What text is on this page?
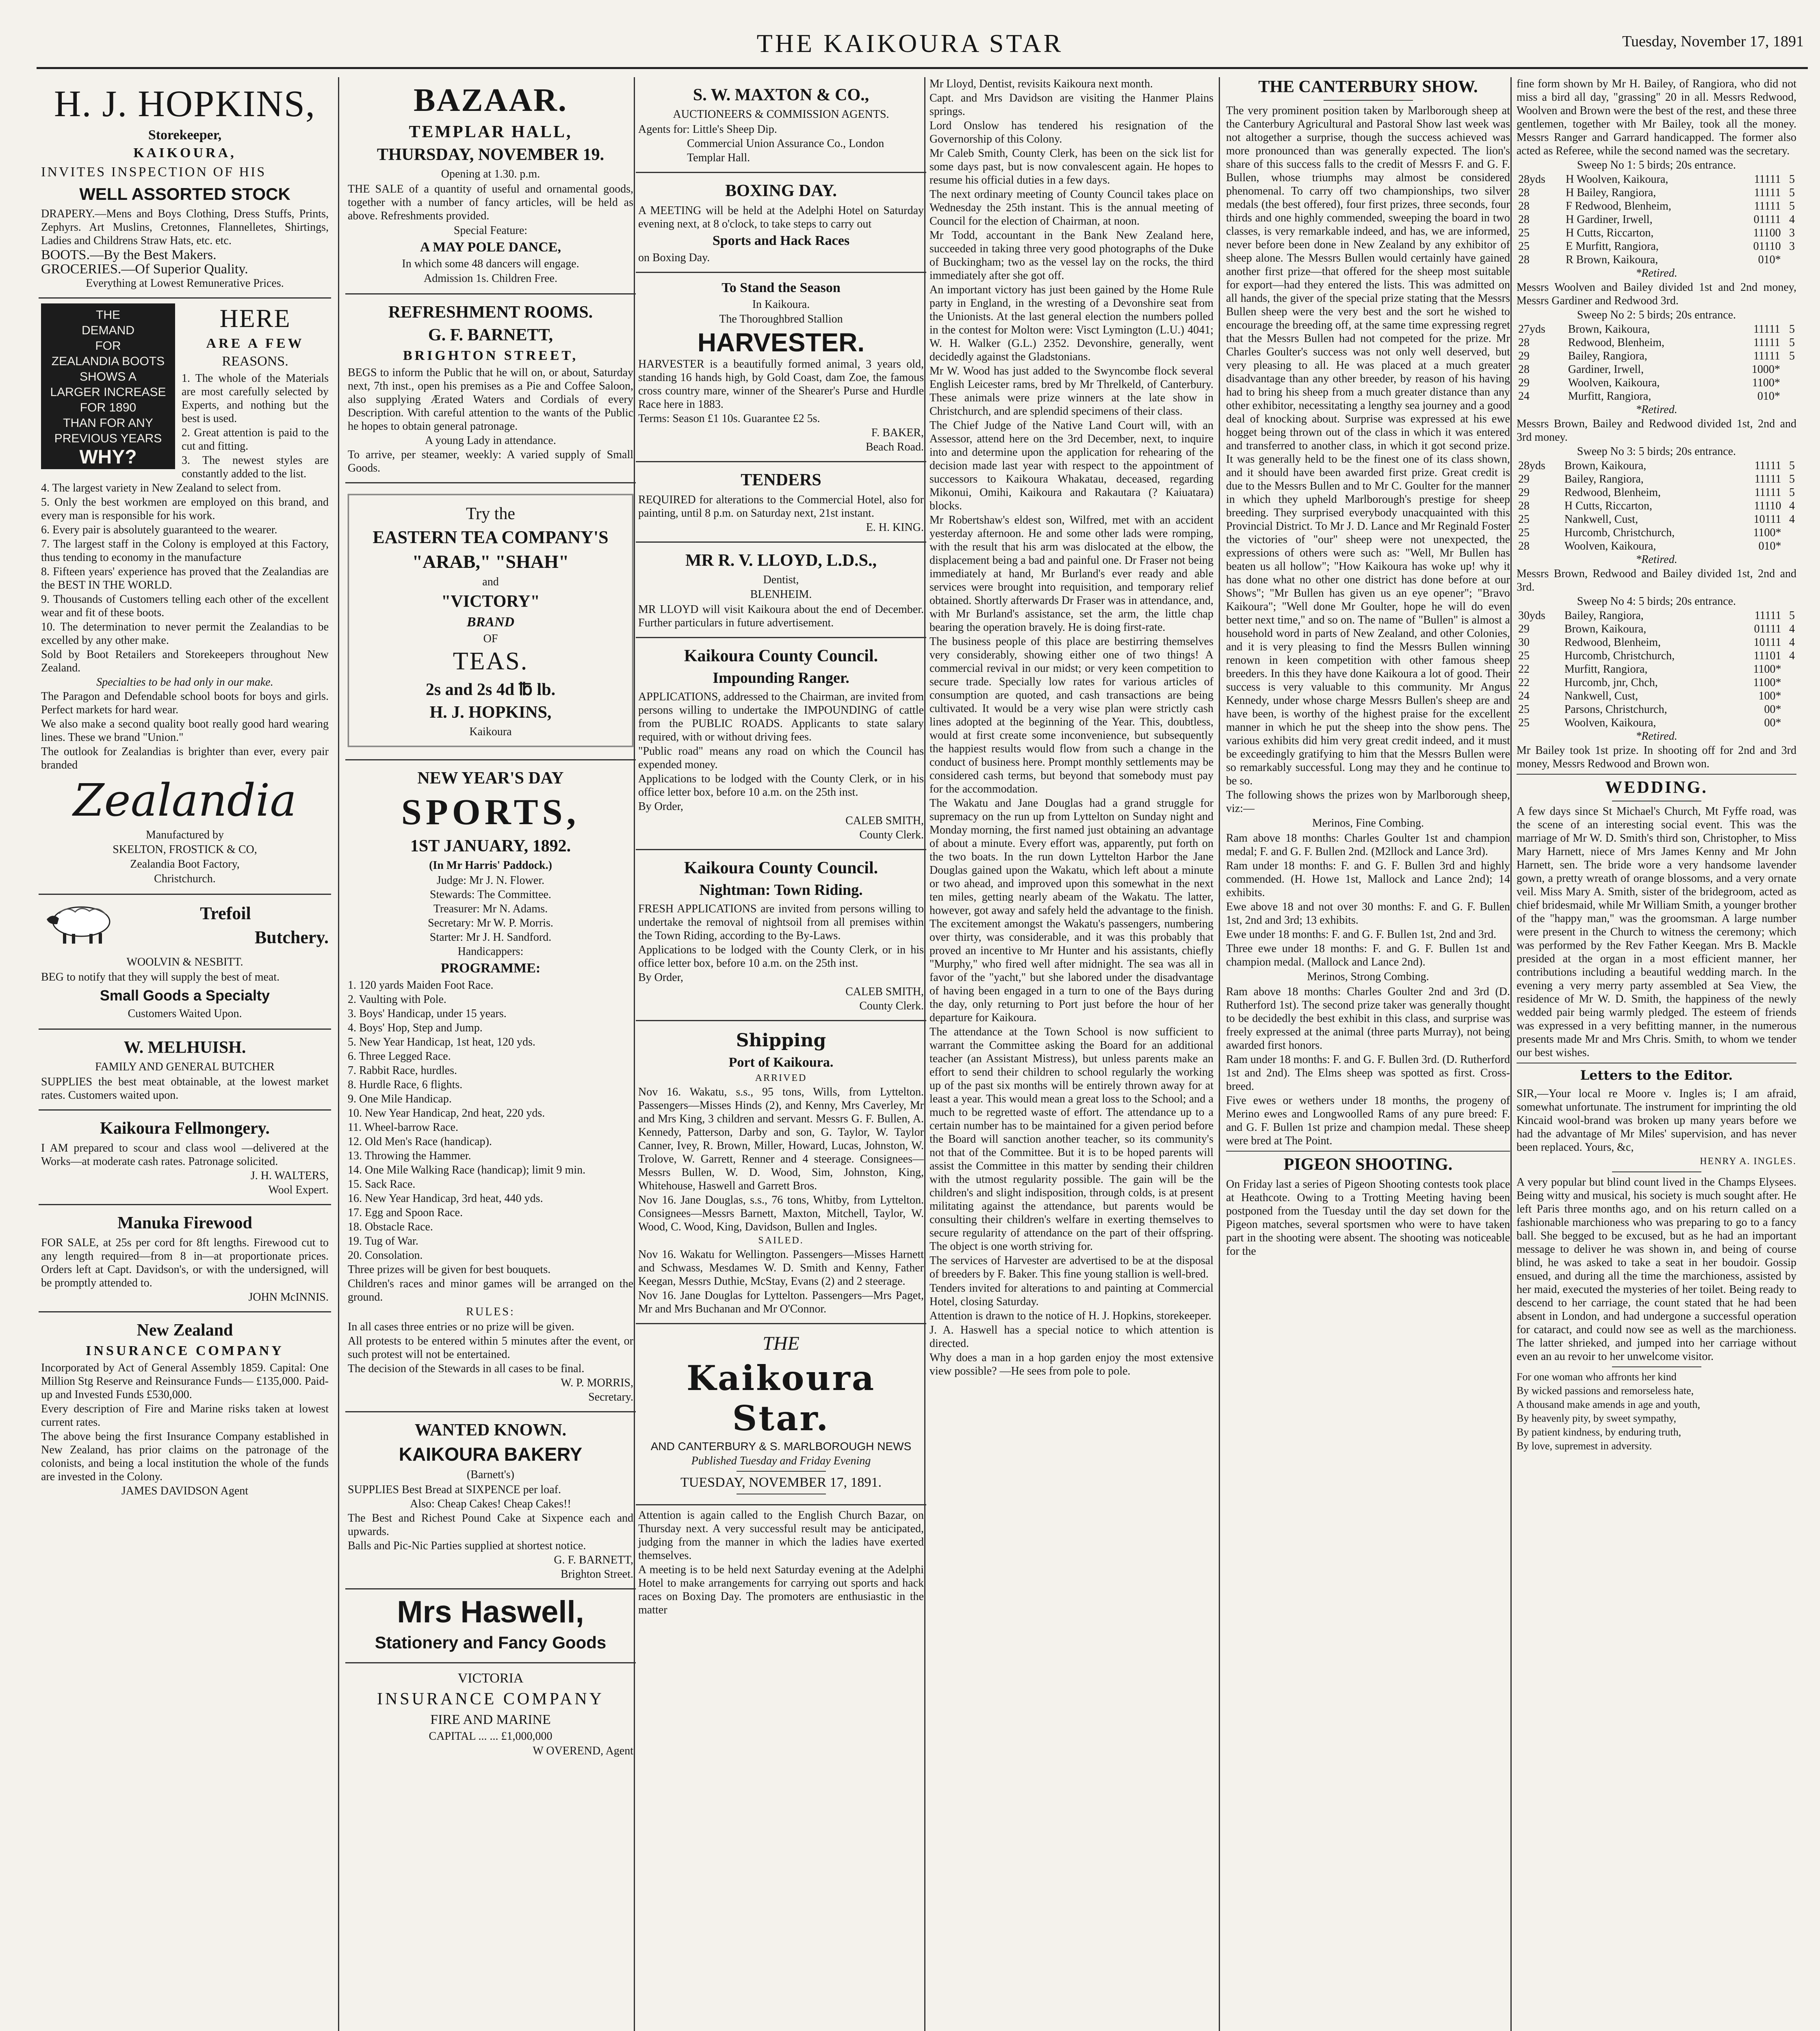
THE KAIKOURA STAR	Tuesday, November 17, 1891
H. J. HOPKINS,
Storekeeper,
KAIKOURA,

INVITES INSPECTION OF HIS

WELL ASSORTED STOCK

DRAPERY.—Mens and Boys Clothing, Dress Stuffs, Prints, Zephyrs. Art Muslins, Cretonnes, Flannelletes, Shirtings, Ladies and Childrens Straw Hats, etc. etc.

BOOTS.—By the Best Makers.

GROCERIES.—Of Superior Quality.

Everything at Lowest Remunerative Prices.

THE
DEMAND
FOR
ZEALANDIA BOOTS
SHOWS A
LARGER INCREASE
FOR 1890
THAN FOR ANY
PREVIOUS YEARS
WHY?
HERE
ARE A FEW
REASONS.

1. The whole of the Materials are most carefully selected by Experts, and nothing but the best is used.

2. Great attention is paid to the cut and fitting.

3. The newest styles are constantly added to the list.

4. The largest variety in New Zealand to select from.

5. Only the best workmen are employed on this brand, and every man is responsible for his work.

6. Every pair is absolutely guaranteed to the wearer.

7. The largest staff in the Colony is employed at this Factory, thus tending to economy in the manufacture

8. Fifteen years' experience has proved that the Zealandias are the BEST IN THE WORLD.

9. Thousands of Customers telling each other of the excellent wear and fit of these boots.

10. The determination to never permit the Zealandias to be excelled by any other make.

Sold by Boot Retailers and Storekeepers throughout New Zealand.

Specialties to be had only in our make.

The Paragon and Defendable school boots for boys and girls. Perfect markets for hard wear.

We also make a second quality boot really good hard wearing lines. These we brand "Union."

The outlook for Zealandias is brighter than ever, every pair branded

Zealandia
Manufactured by
SKELTON, FROSTICK & CO,
Zealandia Boot Factory,
Christchurch.
Trefoil
Butchery.
WOOLVIN & NESBITT.

BEG to notify that they will supply the best of meat.

Small Goods a Specialty
Customers Waited Upon.
W. MELHUISH.
FAMILY AND GENERAL BUTCHER

SUPPLIES the best meat obtainable, at the lowest market rates. Customers waited upon.

Kaikoura Fellmongery.

I AM prepared to scour and class wool —delivered at the Works—at moderate cash rates. Patronage solicited.

J. H. WALTERS,

Wool Expert.

Manuka Firewood

FOR SALE, at 25s per cord for 8ft lengths. Firewood cut to any length required—from 8 in—at proportionate prices. Orders left at Capt. Davidson's, or with the undersigned, will be promptly attended to.

JOHN McINNIS.

New Zealand
INSURANCE COMPANY

Incorporated by Act of General Assembly 1859. Capital: One Million Stg Reserve and Reinsurance Funds— £135,000. Paid-up and Invested Funds £530,000.

Every description of Fire and Marine risks taken at lowest current rates.

The above being the first Insurance Company established in New Zealand, has prior claims on the patronage of the colonists, and being a local institution the whole of the funds are invested in the Colony.

JAMES DAVIDSON Agent

BAZAAR.
TEMPLAR HALL,
THURSDAY, NOVEMBER 19.
Opening at 1.30. p.m.

THE SALE of a quantity of useful and ornamental goods, together with a number of fancy articles, will be held as above. Refreshments provided.

Special Feature:
A MAY POLE DANCE,
In which some 48 dancers will engage.
Admission 1s. Children Free.
REFRESHMENT ROOMS.
G. F. BARNETT,
BRIGHTON STREET,

BEGS to inform the Public that he will on, or about, Saturday next, 7th inst., open his premises as a Pie and Coffee Saloon, also supplying Ærated Waters and Cordials of every Description. With careful attention to the wants of the Public he hopes to obtain general patronage.

A young Lady in attendance.

To arrive, per steamer, weekly: A varied supply of Small Goods.

Try the
EASTERN TEA COMPANY'S
"ARAB," "SHAH"
and
"VICTORY"
BRAND
OF
TEAS.
2s and 2s 4d ℔ lb.
H. J. HOPKINS,
Kaikoura
NEW YEAR'S DAY
SPORTS,
1ST JANUARY, 1892.
(In Mr Harris' Paddock.)

Judge: Mr J. N. Flower.

Stewards: The Committee.

Treasurer: Mr N. Adams.

Secretary: Mr W. P. Morris.

Starter: Mr J. H. Sandford.

Handicappers:

PROGRAMME:

1. 120 yards Maiden Foot Race.

2. Vaulting with Pole.

3. Boys' Handicap, under 15 years.

4. Boys' Hop, Step and Jump.

5. New Year Handicap, 1st heat, 120 yds.

6. Three Legged Race.

7. Rabbit Race, hurdles.

8. Hurdle Race, 6 flights.

9. One Mile Handicap.

10. New Year Handicap, 2nd heat, 220 yds.

11. Wheel-barrow Race.

12. Old Men's Race (handicap).

13. Throwing the Hammer.

14. One Mile Walking Race (handicap); limit 9 min.

15. Sack Race.

16. New Year Handicap, 3rd heat, 440 yds.

17. Egg and Spoon Race.

18. Obstacle Race.

19. Tug of War.

20. Consolation.

Three prizes will be given for best bouquets.

Children's races and minor games will be arranged on the ground.

RULES:

In all cases three entries or no prize will be given.

All protests to be entered within 5 minutes after the event, or such protest will not be entertained.

The decision of the Stewards in all cases to be final.

W. P. MORRIS,

Secretary.

WANTED KNOWN.
KAIKOURA BAKERY
(Barnett's)

SUPPLIES Best Bread at SIXPENCE per loaf.

Also: Cheap Cakes! Cheap Cakes!!

The Best and Richest Pound Cake at Sixpence each and upwards.

Balls and Pic-Nic Parties supplied at shortest notice.

G. F. BARNETT,

Brighton Street.

Mrs Haswell,
Stationery and Fancy Goods
VICTORIA
INSURANCE COMPANY
FIRE AND MARINE
CAPITAL ... ... £1,000,000
W OVEREND, Agent
S. W. MAXTON & CO.,
AUCTIONEERS & COMMISSION AGENTS.

Agents for: Little's Sheep Dip.

Commercial Union Assurance Co., London

Templar Hall.

BOXING DAY.

A MEETING will be held at the Adelphi Hotel on Saturday evening next, at 8 o'clock, to take steps to carry out

Sports and Hack Races

on Boxing Day.

To Stand the Season
In Kaikoura.
The Thoroughbred Stallion
HARVESTER.

HARVESTER is a beautifully formed animal, 3 years old, standing 16 hands high, by Gold Coast, dam Zoe, the famous cross country mare, winner of the Shearer's Purse and Hurdle Race here in 1883.

Terms: Season £1 10s. Guarantee £2 5s.

F. BAKER,

Beach Road.

TENDERS

REQUIRED for alterations to the Commercial Hotel, also for painting, until 8 p.m. on Saturday next, 21st instant.

E. H. KING.

MR R. V. LLOYD, L.D.S.,
Dentist,
BLENHEIM.

MR LLOYD will visit Kaikoura about the end of December. Further particulars in future advertisement.

Kaikoura County Council.
Impounding Ranger.

APPLICATIONS, addressed to the Chairman, are invited from persons willing to undertake the IMPOUNDING of cattle from the PUBLIC ROADS. Applicants to state salary required, with or without driving fees.

"Public road" means any road on which the Council has expended money.

Applications to be lodged with the County Clerk, or in his office letter box, before 10 a.m. on the 25th inst.

By Order,

CALEB SMITH,

County Clerk.

Kaikoura County Council.
Nightman: Town Riding.

FRESH APPLICATIONS are invited from persons willing to undertake the removal of nightsoil from all premises within the Town Riding, according to the By-Laws.

Applications to be lodged with the County Clerk, or in his office letter box, before 10 a.m. on the 25th inst.

By Order,

CALEB SMITH,

County Clerk.

Shipping
Port of Kaikoura.
ARRIVED

Nov 16. Wakatu, s.s., 95 tons, Wills, from Lyttelton. Passengers—Misses Hinds (2), and Kenny, Mrs Caverley, Mr and Mrs King, 3 children and servant. Messrs G. F. Bullen, A. Kennedy, Patterson, Darby and son, G. Taylor, W. Taylor Canner, Ivey, R. Brown, Miller, Howard, Lucas, Johnston, W. Trolove, W. Garrett, Renner and 4 steerage. Consignees—Messrs Bullen, W. D. Wood, Sim, Johnston, King, Whitehouse, Haswell and Garrett Bros.

Nov 16. Jane Douglas, s.s., 76 tons, Whitby, from Lyttelton. Consignees—Messrs Barnett, Maxton, Mitchell, Taylor, W. Wood, C. Wood, King, Davidson, Bullen and Ingles.

SAILED.

Nov 16. Wakatu for Wellington. Passengers—Misses Harnett and Schwass, Mesdames W. D. Smith and Kenny, Father Keegan, Messrs Duthie, McStay, Evans (2) and 2 steerage.

Nov 16. Jane Douglas for Lyttelton. Passengers—Mrs Paget, Mr and Mrs Buchanan and Mr O'Connor.

THE
Kaikoura Star.
AND CANTERBURY & S. MARLBOROUGH NEWS
Published Tuesday and Friday Evening
TUESDAY, NOVEMBER 17, 1891.

Attention is again called to the English Church Bazar, on Thursday next. A very successful result may be anticipated, judging from the manner in which the ladies have exerted themselves.

A meeting is to be held next Saturday evening at the Adelphi Hotel to make arrangements for carrying out sports and hack races on Boxing Day. The promoters are enthusiastic in the matter

Mr Lloyd, Dentist, revisits Kaikoura next month.

Capt. and Mrs Davidson are visiting the Hanmer Plains springs.

Lord Onslow has tendered his resignation of the Governorship of this Colony.

Mr Caleb Smith, County Clerk, has been on the sick list for some days past, but is now convalescent again. He hopes to resume his official duties in a few days.

The next ordinary meeting of County Council takes place on Wednesday the 25th instant. This is the annual meeting of Council for the election of Chairman, at noon.

Mr Todd, accountant in the Bank New Zealand here, succeeded in taking three very good photographs of the Duke of Buckingham; two as the vessel lay on the rocks, the third immediately after she got off.

An important victory has just been gained by the Home Rule party in England, in the wresting of a Devonshire seat from the Unionists. At the last general election the numbers polled in the contest for Molton were: Visct Lymington (L.U.) 4041; W. H. Walker (G.L.) 2352. Devonshire, generally, went decidedly against the Gladstonians.

Mr W. Wood has just added to the Swyncombe flock several English Leicester rams, bred by Mr Threlkeld, of Canterbury. These animals were prize winners at the late show in Christchurch, and are splendid specimens of their class.

The Chief Judge of the Native Land Court will, with an Assessor, attend here on the 3rd December, next, to inquire into and determine upon the application for rehearing of the decision made last year with respect to the appointment of successors to Kaikoura Whakatau, deceased, regarding Mikonui, Omihi, Kaikoura and Rakautara (? Kaiuatara) blocks.

Mr Robertshaw's eldest son, Wilfred, met with an accident yesterday afternoon. He and some other lads were romping, with the result that his arm was dislocated at the elbow, the displacement being a bad and painful one. Dr Fraser not being immediately at hand, Mr Burland's ever ready and able services were brought into requisition, and temporary relief obtained. Shortly afterwards Dr Fraser was in attendance, and, with Mr Burland's assistance, set the arm, the little chap bearing the operation bravely. He is doing first-rate.

The business people of this place are bestirring themselves very considerably, showing either one of two things! A commercial revival in our midst; or very keen competition to secure trade. Specially low rates for various articles of consumption are quoted, and cash transactions are being cultivated. It would be a very wise plan were strictly cash lines adopted at the beginning of the Year. This, doubtless, would at first create some inconvenience, but subsequently the happiest results would flow from such a change in the conduct of business here. Prompt monthly settlements may be considered cash terms, but beyond that somebody must pay for the accommodation.

The Wakatu and Jane Douglas had a grand struggle for supremacy on the run up from Lyttelton on Sunday night and Monday morning, the first named just obtaining an advantage of about a minute. Every effort was, apparently, put forth on the two boats. In the run down Lyttelton Harbor the Jane Douglas gained upon the Wakatu, which left about a minute or two ahead, and improved upon this somewhat in the next ten miles, getting nearly abeam of the Wakatu. The latter, however, got away and safely held the advantage to the finish. The excitement amongst the Wakatu's passengers, numbering over thirty, was considerable, and it was this probably that proved an incentive to Mr Hunter and his assistants, chiefly "Murphy," who fired well after midnight. The sea was all in favor of the "yacht," but she labored under the disadvantage of having been engaged in a turn to one of the Bays during the day, only returning to Port just before the hour of her departure for Kaikoura.

The attendance at the Town School is now sufficient to warrant the Committee asking the Board for an additional teacher (an Assistant Mistress), but unless parents make an effort to send their children to school regularly the working up of the past six months will be entirely thrown away for at least a year. This would mean a great loss to the School; and a much to be regretted waste of effort. The attendance up to a certain number has to be maintained for a given period before the Board will sanction another teacher, so its community's not that of the Committee. But it is to be hoped parents will assist the Committee in this matter by sending their children with the utmost regularity possible. The gain will be the children's and slight indisposition, through colds, is at present militating against the attendance, but parents would be consulting their children's welfare in exerting themselves to secure regularity of attendance on the part of their offspring. The object is one worth striving for.

The services of Harvester are advertised to be at the disposal of breeders by F. Baker. This fine young stallion is well-bred.

Tenders invited for alterations to and painting at Commercial Hotel, closing Saturday.

Attention is drawn to the notice of H. J. Hopkins, storekeeper.

J. A. Haswell has a special notice to which attention is directed.

Why does a man in a hop garden enjoy the most extensive view possible? —He sees from pole to pole.

THE CANTERBURY SHOW.

The very prominent position taken by Marlborough sheep at the Canterbury Agricultural and Pastoral Show last week was not altogether a surprise, though the success achieved was more pronounced than was generally expected. The lion's share of this success falls to the credit of Messrs F. and G. F. Bullen, whose triumphs may almost be considered phenomenal. To carry off two championships, two silver medals (the best offered), four first prizes, three seconds, four thirds and one highly commended, sweeping the board in two classes, is very remarkable indeed, and has, we are informed, never before been done in New Zealand by any exhibitor of sheep alone. The Messrs Bullen would certainly have gained another first prize—that offered for the sheep most suitable for export—had they entered the lists. This was admitted on all hands, the giver of the special prize stating that the Messrs Bullen sheep were the very best and the sort he wished to encourage the breeding off, at the same time expressing regret that the Messrs Bullen had not competed for the prize. Mr Charles Goulter's success was not only well deserved, but very pleasing to all. He was placed at a much greater disadvantage than any other breeder, by reason of his having had to bring his sheep from a much greater distance than any other exhibitor, necessitating a lengthy sea journey and a good deal of knocking about. Surprise was expressed at his ewe hogget being thrown out of the class in which it was entered and transferred to another class, in which it got second prize. It was generally held to be the finest one of its class shown, and it should have been awarded first prize. Great credit is due to the Messrs Bullen and to Mr C. Goulter for the manner in which they upheld Marlborough's prestige for sheep breeding. They surprised everybody unacquainted with this Provincial District. To Mr J. D. Lance and Mr Reginald Foster the victories of "our" sheep were not unexpected, the expressions of others were such as: "Well, Mr Bullen has beaten us all hollow"; "How Kaikoura has woke up! why it has done what no other one district has done before at our Shows"; "Mr Bullen has given us an eye opener"; "Bravo Kaikoura"; "Well done Mr Goulter, hope he will do even better next time," and so on. The name of "Bullen" is almost a household word in parts of New Zealand, and other Colonies, and it is very pleasing to find the Messrs Bullen winning renown in keen competition with other famous sheep breeders. In this they have done Kaikoura a lot of good. Their success is very valuable to this community. Mr Angus Kennedy, under whose charge Messrs Bullen's sheep are and have been, is worthy of the highest praise for the excellent manner in which he put the sheep into the show pens. The various exhibits did him very great credit indeed, and it must be exceedingly gratifying to him that the Messrs Bullen were so remarkably successful. Long may they and he continue to be so.

The following shows the prizes won by Marlborough sheep, viz:—

Merinos, Fine Combing.

Ram above 18 months: Charles Goulter 1st and champion medal; F. and G. F. Bullen 2nd. (M2llock and Lance 3rd).

Ram under 18 months: F. and G. F. Bullen 3rd and highly commended. (H. Howe 1st, Mallock and Lance 2nd); 14 exhibits.

Ewe above 18 and not over 30 months: F. and G. F. Bullen 1st, 2nd and 3rd; 13 exhibits.

Ewe under 18 months: F. and G. F. Bullen 1st, 2nd and 3rd.

Three ewe under 18 months: F. and G. F. Bullen 1st and champion medal. (Mallock and Lance 2nd).

Merinos, Strong Combing.

Ram above 18 months: Charles Goulter 2nd and 3rd (D. Rutherford 1st). The second prize taker was generally thought to be decidedly the best exhibit in this class, and surprise was freely expressed at the animal (three parts Murray), not being awarded first honors.

Ram under 18 months: F. and G. F. Bullen 3rd. (D. Rutherford 1st and 2nd). The Elms sheep was spotted as first. Cross-breed.

Five ewes or wethers under 18 months, the progeny of Merino ewes and Longwoolled Rams of any pure breed: F. and G. F. Bullen 1st prize and champion medal. These sheep were bred at The Point.

PIGEON SHOOTING.

On Friday last a series of Pigeon Shooting contests took place at Heathcote. Owing to a Trotting Meeting having been postponed from the Tuesday until the day set down for the Pigeon matches, several sportsmen who were to have taken part in the shooting were absent. The shooting was noticeable for the

fine form shown by Mr H. Bailey, of Rangiora, who did not miss a bird all day, "grassing" 20 in all. Messrs Redwood, Woolven and Brown were the best of the rest, and these three gentlemen, together with Mr Bailey, took all the money. Messrs Ranger and Garrard handicapped. The former also acted as Referee, while the second named was the secretary.

Sweep No 1: 5 birds; 20s entrance.

28yds	H Woolven, Kaikoura,	11111	5
28	H Bailey, Rangiora,	11111	5
28	F Redwood, Blenheim,	11111	5
28	H Gardiner, Irwell,	01111	4
25	H Cutts, Riccarton,	11100	3
25	E Murfitt, Rangiora,	01110	3
28	R Brown, Kaikoura,	010*	

*Retired.

Messrs Woolven and Bailey divided 1st and 2nd money, Messrs Gardiner and Redwood 3rd.

Sweep No 2: 5 birds; 20s entrance.

27yds	Brown, Kaikoura,	11111	5
28	Redwood, Blenheim,	11111	5
29	Bailey, Rangiora,	11111	5
28	Gardiner, Irwell,	1000*	
29	Woolven, Kaikoura,	1100*	
24	Murfitt, Rangiora,	010*	

*Retired.

Messrs Brown, Bailey and Redwood divided 1st, 2nd and 3rd money.

Sweep No 3: 5 birds; 20s entrance.

28yds	Brown, Kaikoura,	11111	5
29	Bailey, Rangiora,	11111	5
29	Redwood, Blenheim,	11111	5
28	H Cutts, Riccarton,	11110	4
25	Nankwell, Cust,	10111	4
25	Hurcomb, Christchurch,	1100*	
28	Woolven, Kaikoura,	010*	

*Retired.

Messrs Brown, Redwood and Bailey divided 1st, 2nd and 3rd.

Sweep No 4: 5 birds; 20s entrance.

30yds	Bailey, Rangiora,	11111	5
29	Brown, Kaikoura,	01111	4
30	Redwood, Blenheim,	10111	4
25	Hurcomb, Christchurch,	11101	4
22	Murfitt, Rangiora,	1100*	
22	Hurcomb, jnr, Chch,	1100*	
24	Nankwell, Cust,	100*	
25	Parsons, Christchurch,	00*	
25	Woolven, Kaikoura,	00*	

*Retired.

Mr Bailey took 1st prize. In shooting off for 2nd and 3rd money, Messrs Redwood and Brown won.

WEDDING.

A few days since St Michael's Church, Mt Fyffe road, was the scene of an interesting social event. This was the marriage of Mr W. D. Smith's third son, Christopher, to Miss Mary Harnett, niece of Mrs James Kenny and Mr John Harnett, sen. The bride wore a very handsome lavender gown, a pretty wreath of orange blossoms, and a very ornate veil. Miss Mary A. Smith, sister of the bridegroom, acted as chief bridesmaid, while Mr William Smith, a younger brother of the "happy man," was the groomsman. A large number were present in the Church to witness the ceremony; which was performed by the Rev Father Keegan. Mrs B. Mackle presided at the organ in a most efficient manner, her contributions including a beautiful wedding march. In the evening a very merry party assembled at Sea View, the residence of Mr W. D. Smith, the happiness of the newly wedded pair being warmly pledged. The esteem of friends was expressed in a very befitting manner, in the numerous presents made Mr and Mrs Chris. Smith, to whom we tender our best wishes.

Letters to the Editor.

SIR,—Your local re Moore v. Ingles is; I am afraid, somewhat unfortunate. The instrument for imprinting the old Kincaid wool-brand was broken up many years before we had the advantage of Mr Miles' supervision, and has never been replaced. Yours, &c,

HENRY A. INGLES.

A very popular but blind count lived in the Champs Elysees. Being witty and musical, his society is much sought after. He left Paris three months ago, and on his return called on a fashionable marchioness who was preparing to go to a fancy ball. She begged to be excused, but as he had an important message to deliver he was shown in, and being of course blind, he was asked to take a seat in her boudoir. Gossip ensued, and during all the time the marchioness, assisted by her maid, executed the mysteries of her toilet. Being ready to descend to her carriage, the count stated that he had been absent in London, and had undergone a successful operation for cataract, and could now see as well as the marchioness. The latter shrieked, and jumped into her carriage without even an au revoir to her unwelcome visitor.

For one woman who affronts her kind

By wicked passions and remorseless hate,

A thousand make amends in age and youth,

By heavenly pity, by sweet sympathy,

By patient kindness, by enduring truth,

By love, supremest in adversity.
